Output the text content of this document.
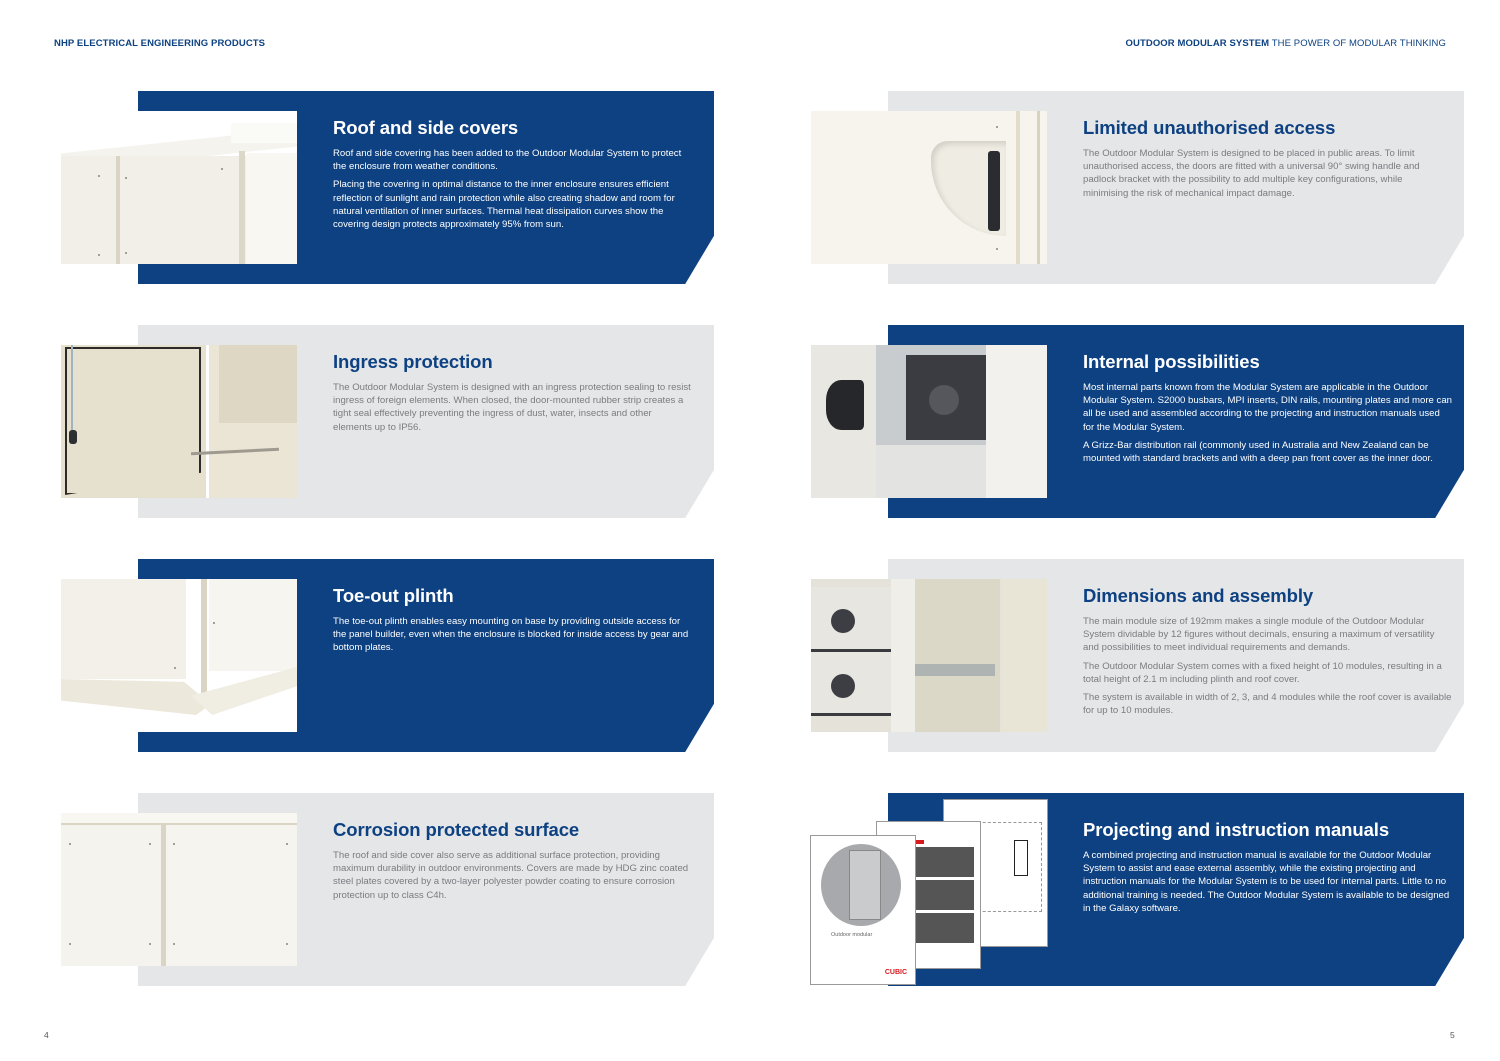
NHP ELECTRICAL ENGINEERING PRODUCTS	OUTDOOR MODULAR SYSTEM THE POWER OF MODULAR THINKING
Roof and side covers

Roof and side covering has been added to the Outdoor Modular System to protect the enclosure from weather conditions.

Placing the covering in optimal distance to the inner enclosure ensures efficient reflection of sunlight and rain protection while also creating shadow and room for natural ventilation of inner surfaces. Thermal heat dissipation curves show the covering design protects approximately 95% from sun.

Ingress protection

The Outdoor Modular System is designed with an ingress protection sealing to resist ingress of foreign elements. When closed, the door-mounted rubber strip creates a tight seal effectively preventing the ingress of dust, water, insects and other elements up to IP56.

Toe-out plinth

The toe-out plinth enables easy mounting on base by providing outside access for the panel builder, even when the enclosure is blocked for inside access by gear and bottom plates.

Corrosion protected surface

The roof and side cover also serve as additional surface protection, providing maximum durability in outdoor environments. Covers are made by HDG zinc coated steel plates covered by a two-layer polyester powder coating to ensure corrosion protection up to class C4h.

Limited unauthorised access

The Outdoor Modular System is designed to be placed in public areas. To limit unauthorised access, the doors are fitted with a universal 90° swing handle and padlock bracket with the possibility to add multiple key configurations, while minimising the risk of mechanical impact damage.

Internal possibilities

Most internal parts known from the Modular System are applicable in the Outdoor Modular System. S2000 busbars, MPI inserts, DIN rails, mounting plates and more can all be used and assembled according to the projecting and instruction manuals used for the Modular System.

A Grizz-Bar distribution rail (commonly used in Australia and New Zealand can be mounted with standard brackets and with a deep pan front cover as the inner door.

Dimensions and assembly

The main module size of 192mm makes a single module of the Outdoor Modular System dividable by 12 figures without decimals, ensuring a maximum of versatility and possibilities to meet individual requirements and demands.

The Outdoor Modular System comes with a fixed height of 10 modules, resulting in a total height of 2.1 m including plinth and roof cover.

The system is available in width of 2, 3, and 4 modules while the roof cover is available for up to 10 modules.

Outdoor modular
CUBIC
Projecting and instruction manuals

A combined projecting and instruction manual is available for the Outdoor Modular System to assist and ease external assembly, while the existing projecting and instruction manuals for the Modular System is to be used for internal parts. Little to no additional training is needed. The Outdoor Modular System is available to be designed in the Galaxy software.

4	5
